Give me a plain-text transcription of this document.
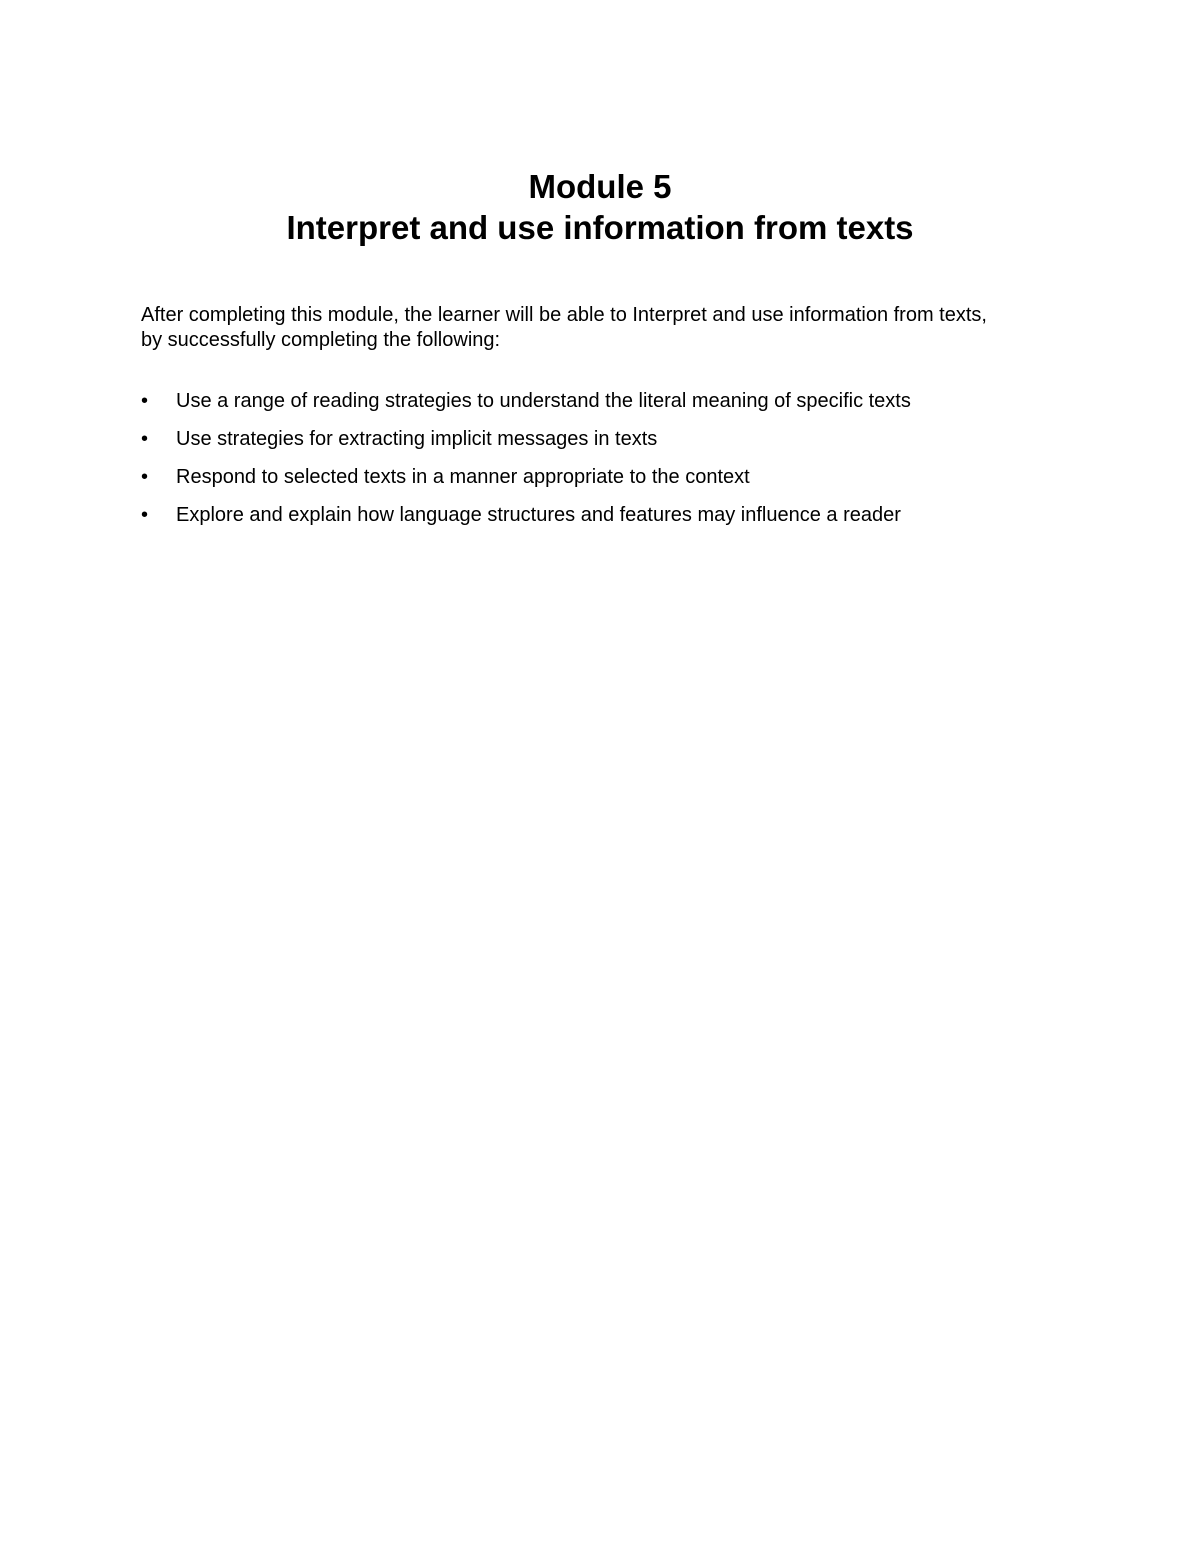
Module 5
Interpret and use information from texts

After completing this module, the learner will be able to Interpret and use information from texts,
by successfully completing the following:

•	Use a range of reading strategies to understand the literal meaning of specific texts
•	Use strategies for extracting implicit messages in texts
•	Respond to selected texts in a manner appropriate to the context
•	Explore and explain how language structures and features may influence a reader
